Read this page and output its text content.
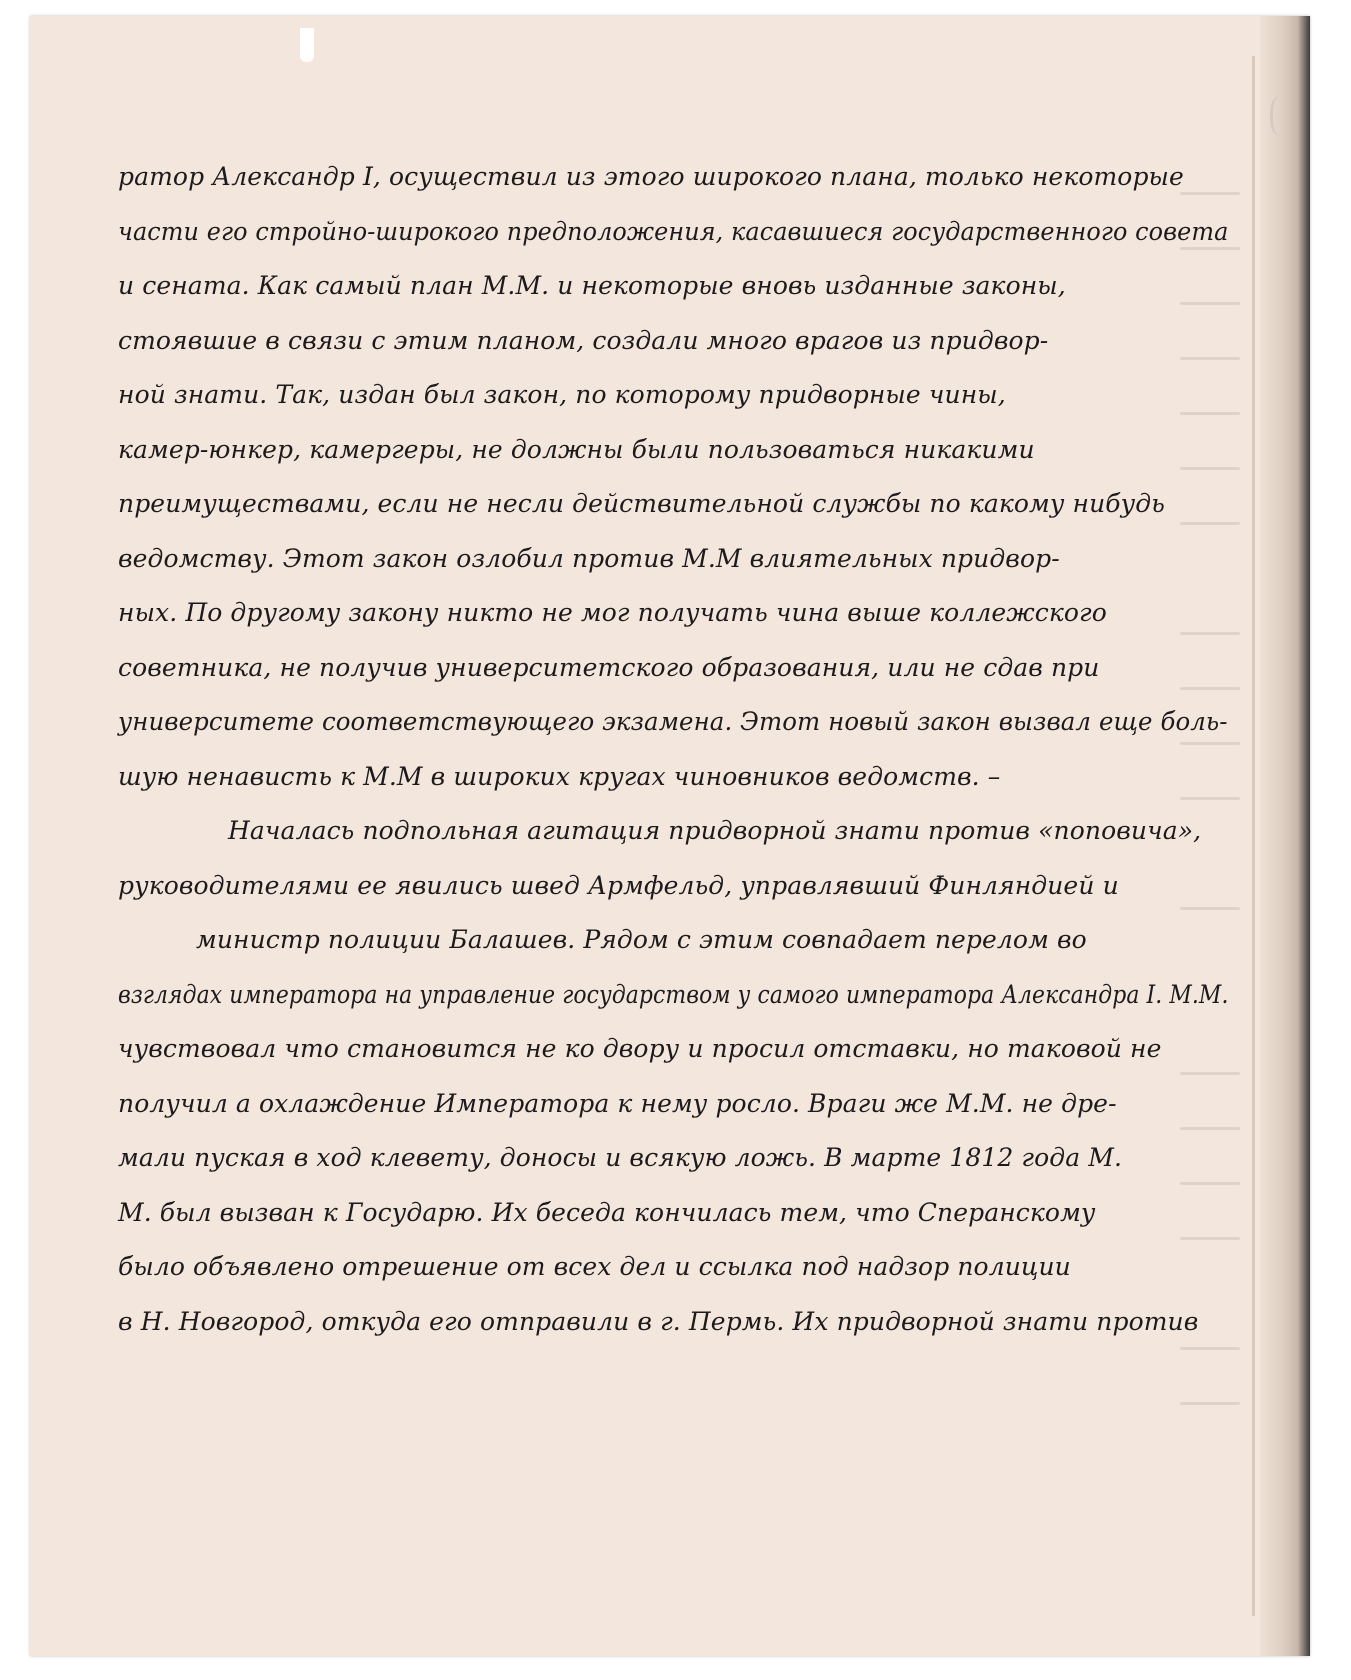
ратор Александр I, осуществил из этого широкого плана, только некоторые
части его стройно-широкого предположения, касавшиеся государственного совета
и сената. Как самый план М.М. и некоторые вновь изданные законы,
стоявшие в связи с этим планом, создали много врагов из придвор-
ной знати. Так, издан был закон, по которому придворные чины,
камер-юнкер, камергеры, не должны были пользоваться никакими
преимуществами, если не несли действительной службы по какому нибудь
ведомству. Этот закон озлобил против М.М влиятельных придвор-
ных. По другому закону никто не мог получать чина выше коллежского
советника, не получив университетского образования, или не сдав при
университете соответствующего экзамена. Этот новый закон вызвал еще боль-
шую ненависть к М.М в широких кругах чиновников ведомств. –
Началась подпольная агитация придворной знати против «поповича»,
руководителями ее явились швед Армфельд, управлявший Финляндией и
министр полиции Балашев. Рядом с этим совпадает перелом во
взглядах императора на управление государством у самого императора Александра I. М.М.
чувствовал что становится не ко двору и просил отставки, но таковой не
получил а охлаждение Императора к нему росло. Враги же М.М. не дре-
мали пуская в ход клевету, доносы и всякую ложь. В марте 1812 года М.
М. был вызван к Государю. Их беседа кончилась тем, что Сперанскому
было объявлено отрешение от всех дел и ссылка под надзор полиции
в Н. Новгород, откуда его отправили в г. Пермь. Их придворной знати против
